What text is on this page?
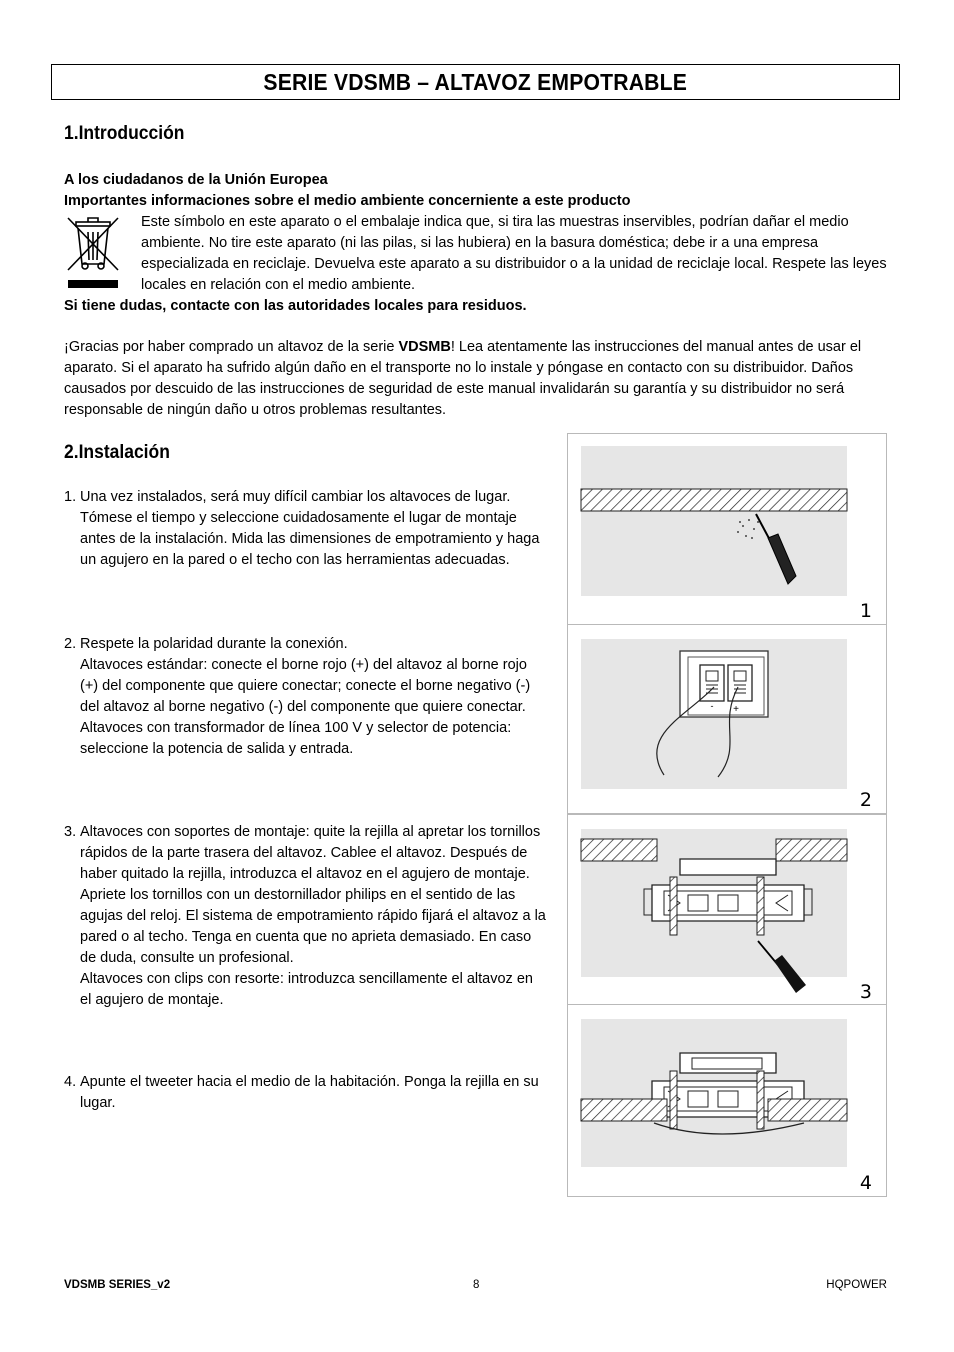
SERIE VDSMB – ALTAVOZ EMPOTRABLE
1.Introducción
A los ciudadanos de la Unión Europea
Importantes informaciones sobre el medio ambiente concerniente a este producto

Este símbolo en este aparato o el embalaje indica que, si tira las muestras inservibles, podrían dañar el medio ambiente. No tire este aparato (ni las pilas, si las hubiera) en la basura doméstica; debe ir a una empresa especializada en reciclaje. Devuelva este aparato a su distribuidor o a la unidad de reciclaje local. Respete las leyes locales en relación con el medio ambiente.

Si tiene dudas, contacte con las autoridades locales para residuos.

¡Gracias por haber comprado un altavoz de la serie VDSMB! Lea atentamente las instrucciones del manual antes de usar el aparato. Si el aparato ha sufrido algún daño en el transporte no lo instale y póngase en contacto con su distribuidor. Daños causados por descuido de las instrucciones de seguridad de este manual invalidarán su garantía y su distribuidor no será responsable de ningún daño u otros problemas resultantes.

2.Instalación
1. Una vez instalados, será muy difícil cambiar los altavoces de lugar. Tómese el tiempo y seleccione cuidadosamente el lugar de montaje antes de la instalación. Mida las dimensiones de empotramiento y haga un agujero en la pared o el techo con las herramientas adecuadas.
2. Respete la polaridad durante la conexión.
Altavoces estándar: conecte el borne rojo (+) del altavoz al borne rojo (+) del componente que quiere conectar; conecte el borne negativo (-) del altavoz al borne negativo (-) del componente que quiere conectar.
Altavoces con transformador de línea 100 V y selector de potencia: seleccione la potencia de salida y entrada.
3. Altavoces con soportes de montaje: quite la rejilla al apretar los tornillos rápidos de la parte trasera del altavoz. Cablee el altavoz. Después de haber quitado la rejilla, introduzca el altavoz en el agujero de montaje. Apriete los tornillos con un destornillador philips en el sentido de las agujas del reloj. El sistema de empotramiento rápido fijará el altavoz a la pared o al techo. Tenga en cuenta que no aprieta demasiado. En caso de duda, consulte un profesional.
Altavoces con clips con resorte: introduzca sencillamente el altavoz en el agujero de montaje.
4. Apunte el tweeter hacia el medio de la habitación. Ponga la rejilla en su lugar.
1
- +
2
3
4
VDSMB SERIES_v2	8	HQPOWER
